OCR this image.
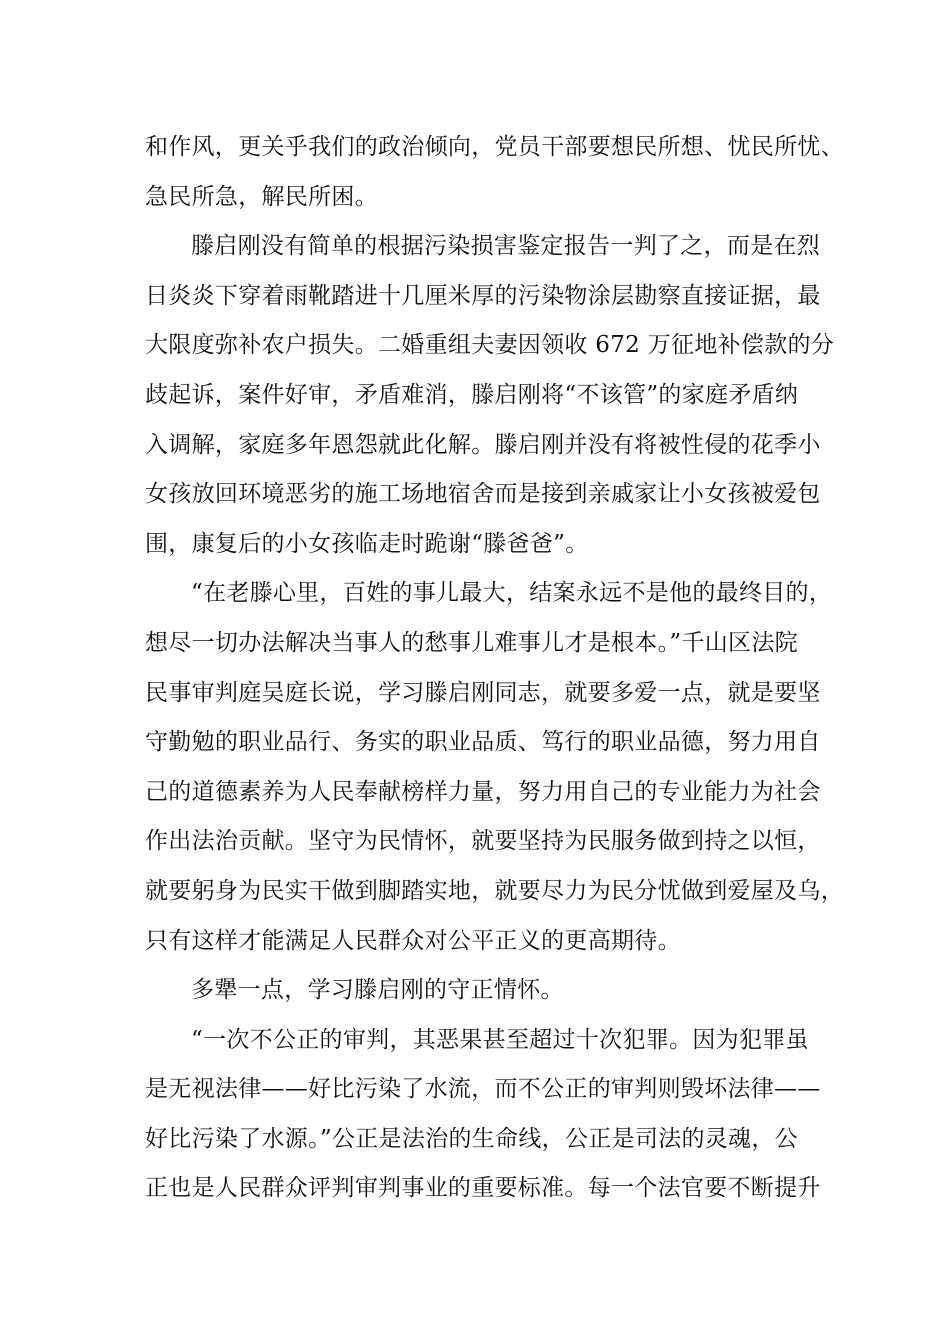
和作风，更关乎我们的政治倾向，党员干部要想民所想、忧民所忧、
急民所急，解民所困。
滕启刚没有简单的根据污染损害鉴定报告一判了之，而是在烈
日炎炎下穿着雨靴踏进十几厘米厚的污染物涂层勘察直接证据，最
大限度弥补农户损失。二婚重组夫妻因领收 672 万征地补偿款的分
歧起诉，案件好审，矛盾难消，滕启刚将“不该管”的家庭矛盾纳
入调解，家庭多年恩怨就此化解。滕启刚并没有将被性侵的花季小
女孩放回环境恶劣的施工场地宿舍而是接到亲戚家让小女孩被爱包
围，康复后的小女孩临走时跪谢“滕爸爸”。
“在老滕心里，百姓的事儿最大，结案永远不是他的最终目的，
想尽一切办法解决当事人的愁事儿难事儿才是根本。”千山区法院
民事审判庭吴庭长说，学习滕启刚同志，就要多爱一点，就是要坚
守勤勉的职业品行、务实的职业品质、笃行的职业品德，努力用自
己的道德素养为人民奉献榜样力量，努力用自己的专业能力为社会
作出法治贡献。坚守为民情怀，就要坚持为民服务做到持之以恒，
就要躬身为民实干做到脚踏实地，就要尽力为民分忧做到爱屋及乌，
只有这样才能满足人民群众对公平正义的更高期待。
多犟一点，学习滕启刚的守正情怀。
“一次不公正的审判，其恶果甚至超过十次犯罪。因为犯罪虽
是无视法律——好比污染了水流，而不公正的审判则毁坏法律——
好比污染了水源。”公正是法治的生命线，公正是司法的灵魂，公
正也是人民群众评判审判事业的重要标准。每一个法官要不断提升
